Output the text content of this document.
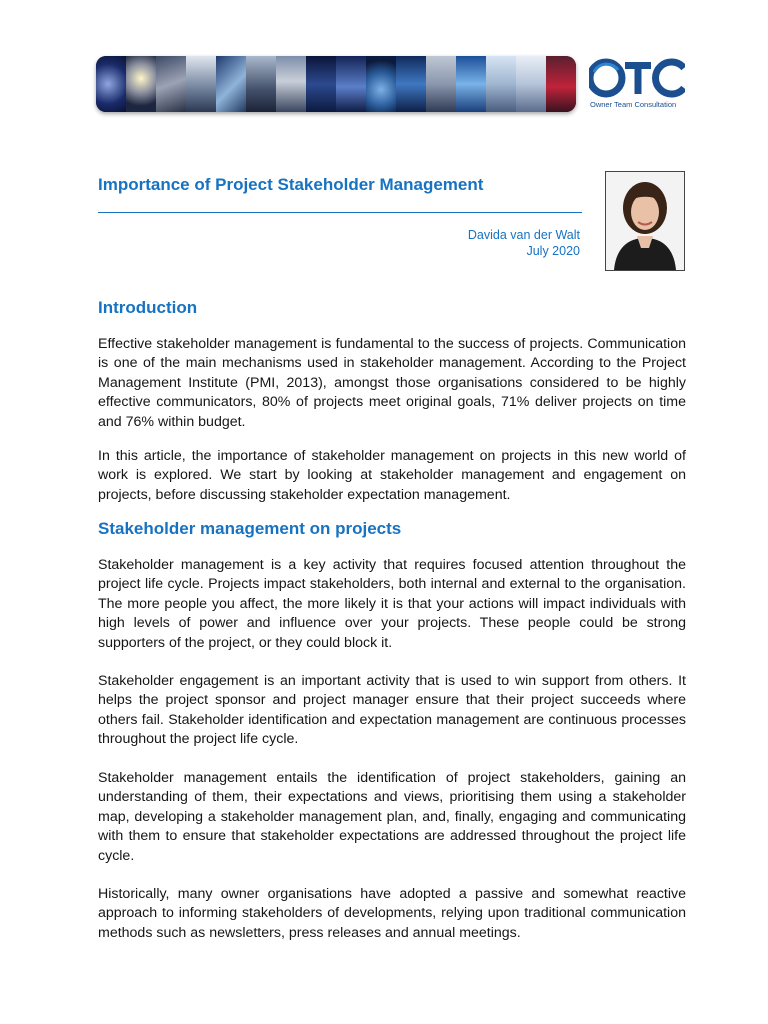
Owner Team Consultation
Importance of Project Stakeholder Management
Davida van der Walt
July 2020
Introduction
Effective stakeholder management is fundamental to the success of projects. Communication is one of the main mechanisms used in stakeholder management. According to the Project Management Institute (PMI, 2013), amongst those organisations considered to be highly effective communicators, 80% of projects meet original goals, 71% deliver projects on time and 76% within budget.
In this article, the importance of stakeholder management on projects in this new world of work is explored. We start by looking at stakeholder management and engagement on projects, before discussing stakeholder expectation management.
Stakeholder management on projects
Stakeholder management is a key activity that requires focused attention throughout the project life cycle. Projects impact stakeholders, both internal and external to the organisation. The more people you affect, the more likely it is that your actions will impact individuals with high levels of power and influence over your projects. These people could be strong supporters of the project, or they could block it.
Stakeholder engagement is an important activity that is used to win support from others. It helps the project sponsor and project manager ensure that their project succeeds where others fail. Stakeholder identification and expectation management are continuous processes throughout the project life cycle.
Stakeholder management entails the identification of project stakeholders, gaining an understanding of them, their expectations and views, prioritising them using a stakeholder map, developing a stakeholder management plan, and, finally, engaging and communicating with them to ensure that stakeholder expectations are addressed throughout the project life cycle.
Historically, many owner organisations have adopted a passive and somewhat reactive approach to informing stakeholders of developments, relying upon traditional communication methods such as newsletters, press releases and annual meetings.
